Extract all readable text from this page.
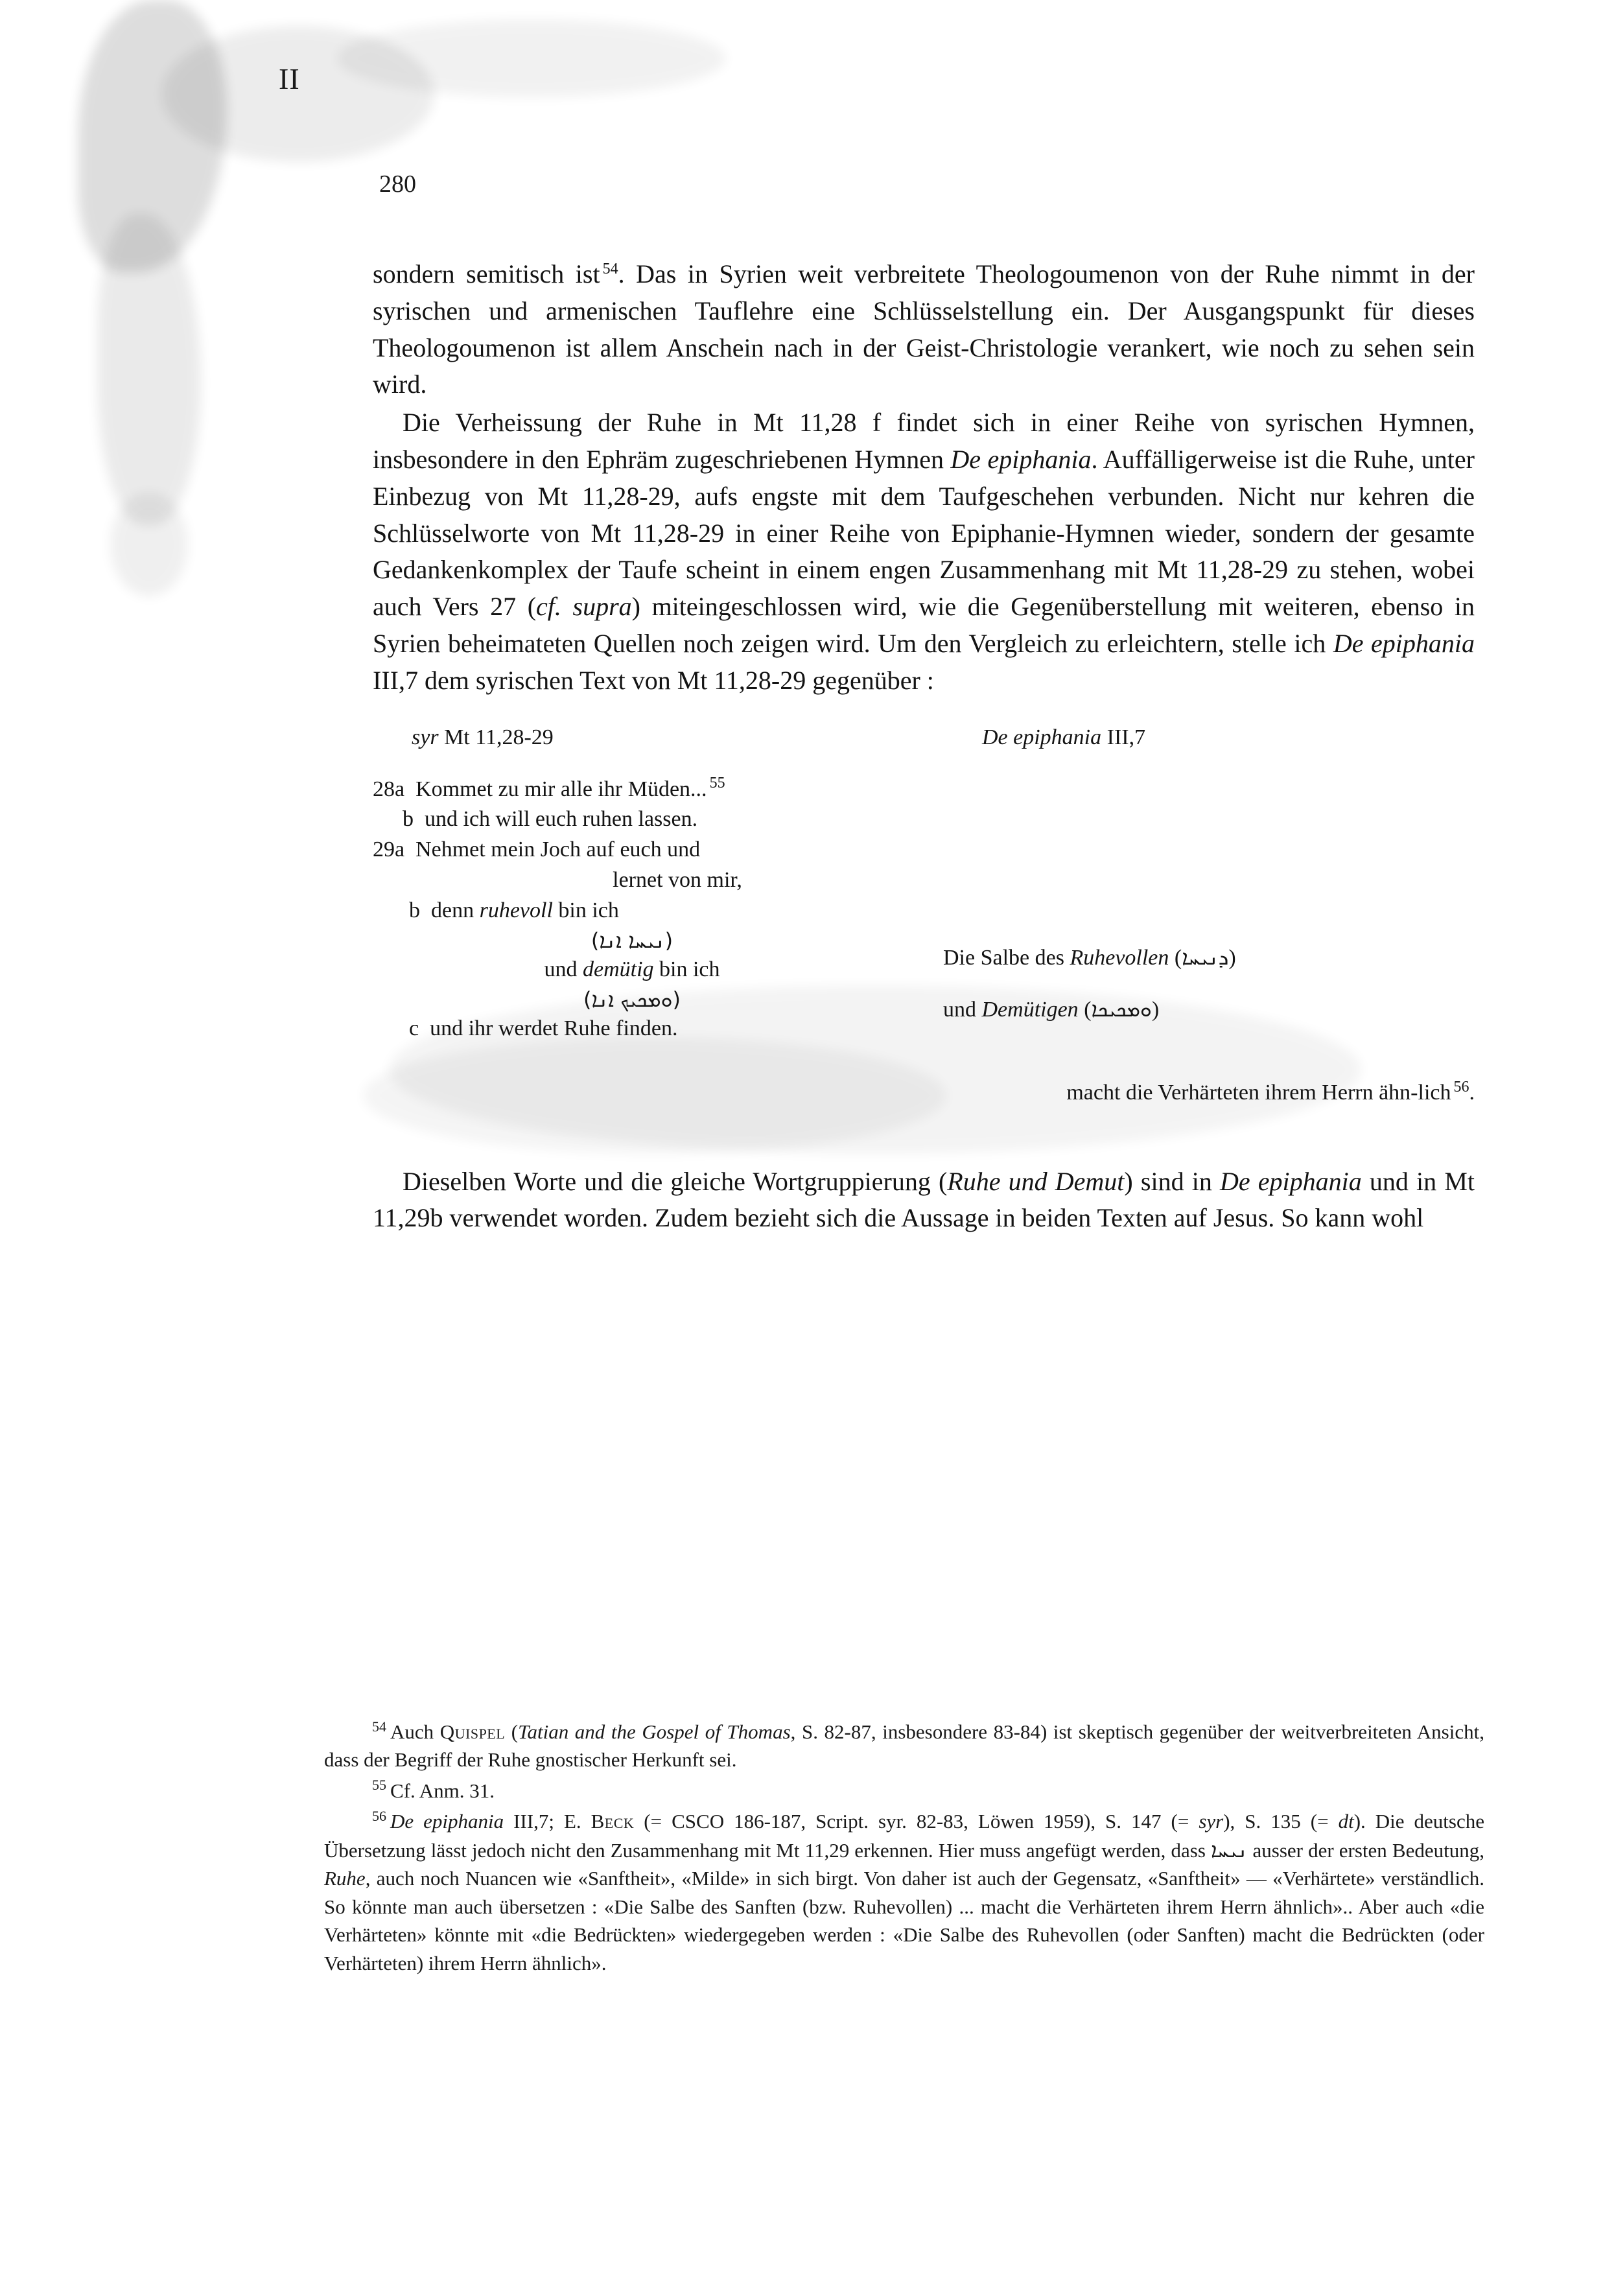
II
280

sondern semitisch ist $^{54}$. Das in Syrien weit verbreitete Theologoumenon von der Ruhe nimmt in der syrischen und armenischen Tauflehre eine Schlüsselstellung ein. Der Ausgangspunkt für dieses Theologoumenon ist allem Anschein nach in der Geist-Christologie verankert, wie noch zu sehen sein wird.

Die Verheissung der Ruhe in Mt 11,28 f findet sich in einer Reihe von syrischen Hymnen, insbesondere in den Ephräm zugeschriebenen Hymnen De epiphania. Auffälligerweise ist die Ruhe, unter Einbezug von Mt 11,28-29, aufs engste mit dem Taufgeschehen verbunden. Nicht nur kehren die Schlüsselworte von Mt 11,28-29 in einer Reihe von Epiphanie-Hymnen wieder, sondern der gesamte Gedankenkomplex der Taufe scheint in einem engen Zusammenhang mit Mt 11,28-29 zu stehen, wobei auch Vers 27 (cf. supra) miteingeschlossen wird, wie die Gegenüberstellung mit weiteren, ebenso in Syrien beheimateten Quellen noch zeigen wird. Um den Vergleich zu erleichtern, stelle ich De epiphania III,7 dem syrischen Text von Mt 11,28-29 gegenüber :

syr Mt 11,28-29	De epiphania III,7
28a Kommet zu mir alle ihr Müden... $^{55}$
b und ich will euch ruhen lassen.
29a Nehmet mein Joch auf euch und
lernet von mir,
b denn ruhevoll bin ich
(ܢܝܚܐ ܐܢܐ)
und demütig bin ich
(ܘܡܟܝܟ ܐܢܐ)
c und ihr werdet Ruhe finden.
Die Salbe des Ruhevollen (ܕܢܝܚܐ)
und Demütigen (ܘܡܟܝܟܐ)
macht die Verhärteten ihrem Herrn ähn-lich $^{56}$.

Dieselben Worte und die gleiche Wortgruppierung (Ruhe und Demut) sind in De epiphania und in Mt 11,29b verwendet worden. Zudem bezieht sich die Aussage in beiden Texten auf Jesus. So kann wohl

$^{54}$ Auch Quispel (Tatian and the Gospel of Thomas, S. 82-87, insbesondere 83-84) ist skeptisch gegenüber der weitverbreiteten Ansicht, dass der Begriff der Ruhe gnostischer Herkunft sei.

$^{55}$ Cf. Anm. 31.

$^{56}$ De epiphania III,7; E. Beck (= CSCO 186-187, Script. syr. 82-83, Löwen 1959), S. 147 (= syr), S. 135 (= dt). Die deutsche Übersetzung lässt jedoch nicht den Zusammenhang mit Mt 11,29 erkennen. Hier muss angefügt werden, dass ܢܝܚܐ ausser der ersten Bedeutung, Ruhe, auch noch Nuancen wie «Sanftheit», «Milde» in sich birgt. Von daher ist auch der Gegensatz, «Sanftheit» — «Verhärtete» verständlich. So könnte man auch übersetzen : «Die Salbe des Sanften (bzw. Ruhevollen) ... macht die Verhärteten ihrem Herrn ähnlich».. Aber auch «die Verhärteten» könnte mit «die Bedrückten» wiedergegeben werden : «Die Salbe des Ruhevollen (oder Sanften) macht die Bedrückten (oder Verhärteten) ihrem Herrn ähnlich».
